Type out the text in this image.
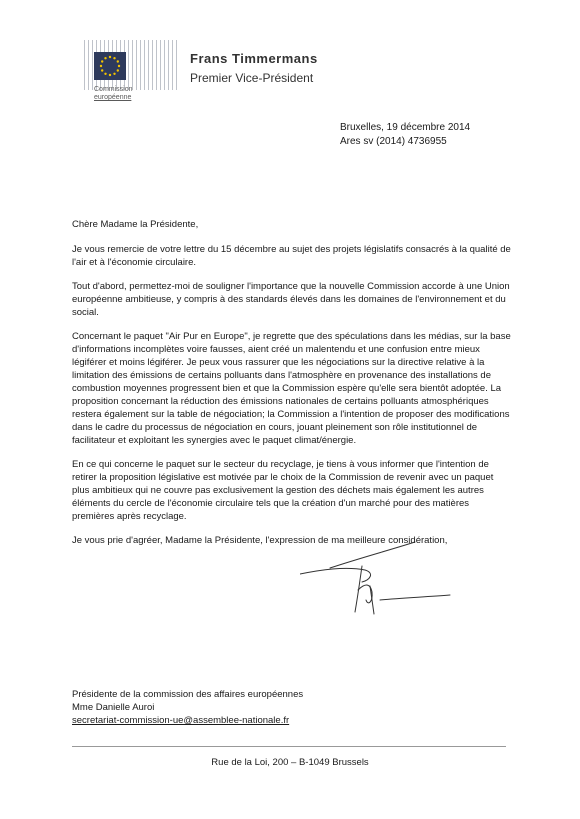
Commission
européenne
Frans Timmermans
Premier Vice-Président
Bruxelles, 19 décembre 2014
Ares sv (2014) 4736955

Chère Madame la Présidente,

Je vous remercie de votre lettre du 15 décembre au sujet des projets législatifs consacrés à la qualité de l'air et à l'économie circulaire.

Tout d'abord, permettez-moi de souligner l'importance que la nouvelle Commission accorde à une Union européenne ambitieuse, y compris à des standards élevés dans les domaines de l'environnement et du social.

Concernant le paquet "Air Pur en Europe", je regrette que des spéculations dans les médias, sur la base d'informations incomplètes voire fausses, aient créé un malentendu et une confusion entre mieux légiférer et moins légiférer. Je peux vous rassurer que les négociations sur la directive relative à la limitation des émissions de certains polluants dans l'atmosphère en provenance des installations de combustion moyennes progressent bien et que la Commission espère qu'elle sera bientôt adoptée. La proposition concernant la réduction des émissions nationales de certains polluants atmosphériques restera également sur la table de négociation; la Commission a l'intention de proposer des modifications dans le cadre du processus de négociation en cours, jouant pleinement son rôle institutionnel de facilitateur et exploitant les synergies avec le paquet climat/énergie.

En ce qui concerne le paquet sur le secteur du recyclage, je tiens à vous informer que l'intention de retirer la proposition législative est motivée par le choix de la Commission de revenir avec un paquet plus ambitieux qui ne couvre pas exclusivement la gestion des déchets mais également les autres éléments du cercle de l'économie circulaire tels que la création d'un marché pour des matières premières après recyclage.

Je vous prie d'agréer, Madame la Présidente, l'expression de ma meilleure considération,

Présidente de la commission des affaires européennes
Mme Danielle Auroi
secretariat-commission-ue@assemblee-nationale.fr
Rue de la Loi, 200 – B-1049 Brussels
